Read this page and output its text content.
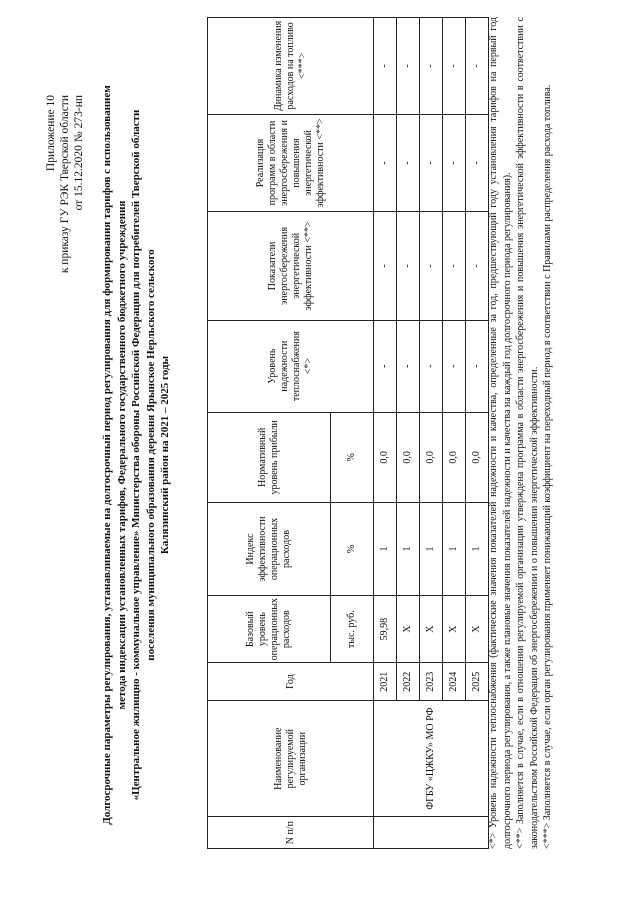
Приложение 10 к приказу ГУ РЭК Тверской области от 15.12.2020 № 273-нп Долгосрочные параметры регулирования, устанавливаемые на долгосрочный период регулирования для формирования тарифов с использованием метода индексации установленных тарифов, Федерального государственного бюджетного учреждения «Центральное жилищно - коммунальное управление» Министерства обороны Российской Федерации для потребителей Тверской области поселения муниципального образования деревня Ярынское Нерльского сельского Калязинский район на 2021 – 2025 годы
N п/п	Наименование регулируемой организации	Год	Базовый уровень операционных расходов	Индекс эффективности операционных расходов	Нормативный уровень прибыли	Уровень надежности теплоснабжения <*>	Показатели энергосбережения энергетической эффективности <**>	Реализация программ в области энергосбережения и повышения энергетической эффективности <**>	Динамика изменения расходов на топливо <***>
			тыс. руб.	%	%				
	ФГБУ «ЦЖКУ» МО РФ	2021	59,98	1	0,0	-	-	-	-
		2022	Х	1	0,0	-	-	-	-
		2023	Х	1	0,0	-	-	-	-
		2024	Х	1	0,0	-	-	-	-
		2025	Х	1	0,0	-	-	-	- <*> Уровень надежности теплоснабжения (фактические значения показателей надежности и качества, определенные за год, предшествующий году установления тарифов на первый год долгосрочного периода регулирования, а также плановые значения показателей надежности и качества на каждый год долгосрочного периода регулирования). <**> Заполняется в случае, если в отношении регулируемой организации утверждена программа в области энергосбережения и повышения энергетической эффективности в соответствии с законодательством Российской Федерации об энергосбережении и о повышении энергетической эффективности. <***> Заполняется в случае, если орган регулирования применяет понижающий коэффициент на переходный период в соответствии с Правилами распределения расхода топлива.
